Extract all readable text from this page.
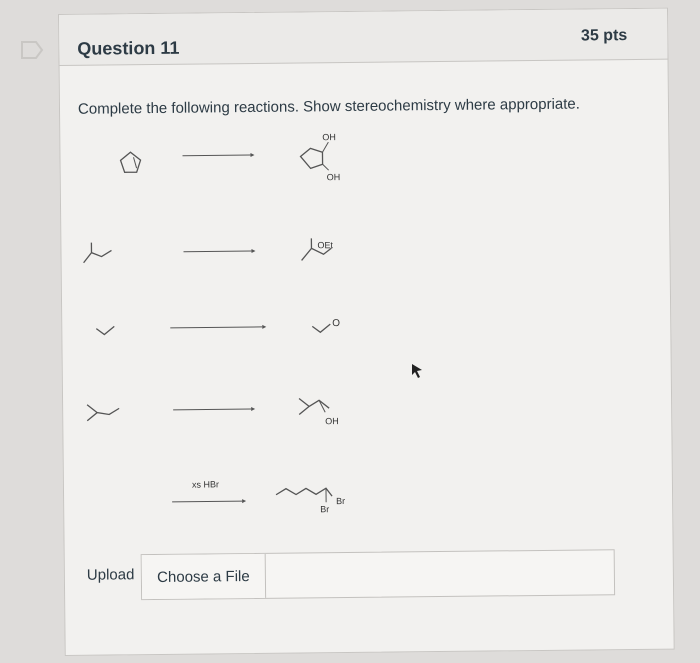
Question 11
35 pts
Complete the following reactions. Show stereochemistry where appropriate.
OH
OH
OEt
O
OH
xs HBr
Br
Br
Upload	Choose a File
